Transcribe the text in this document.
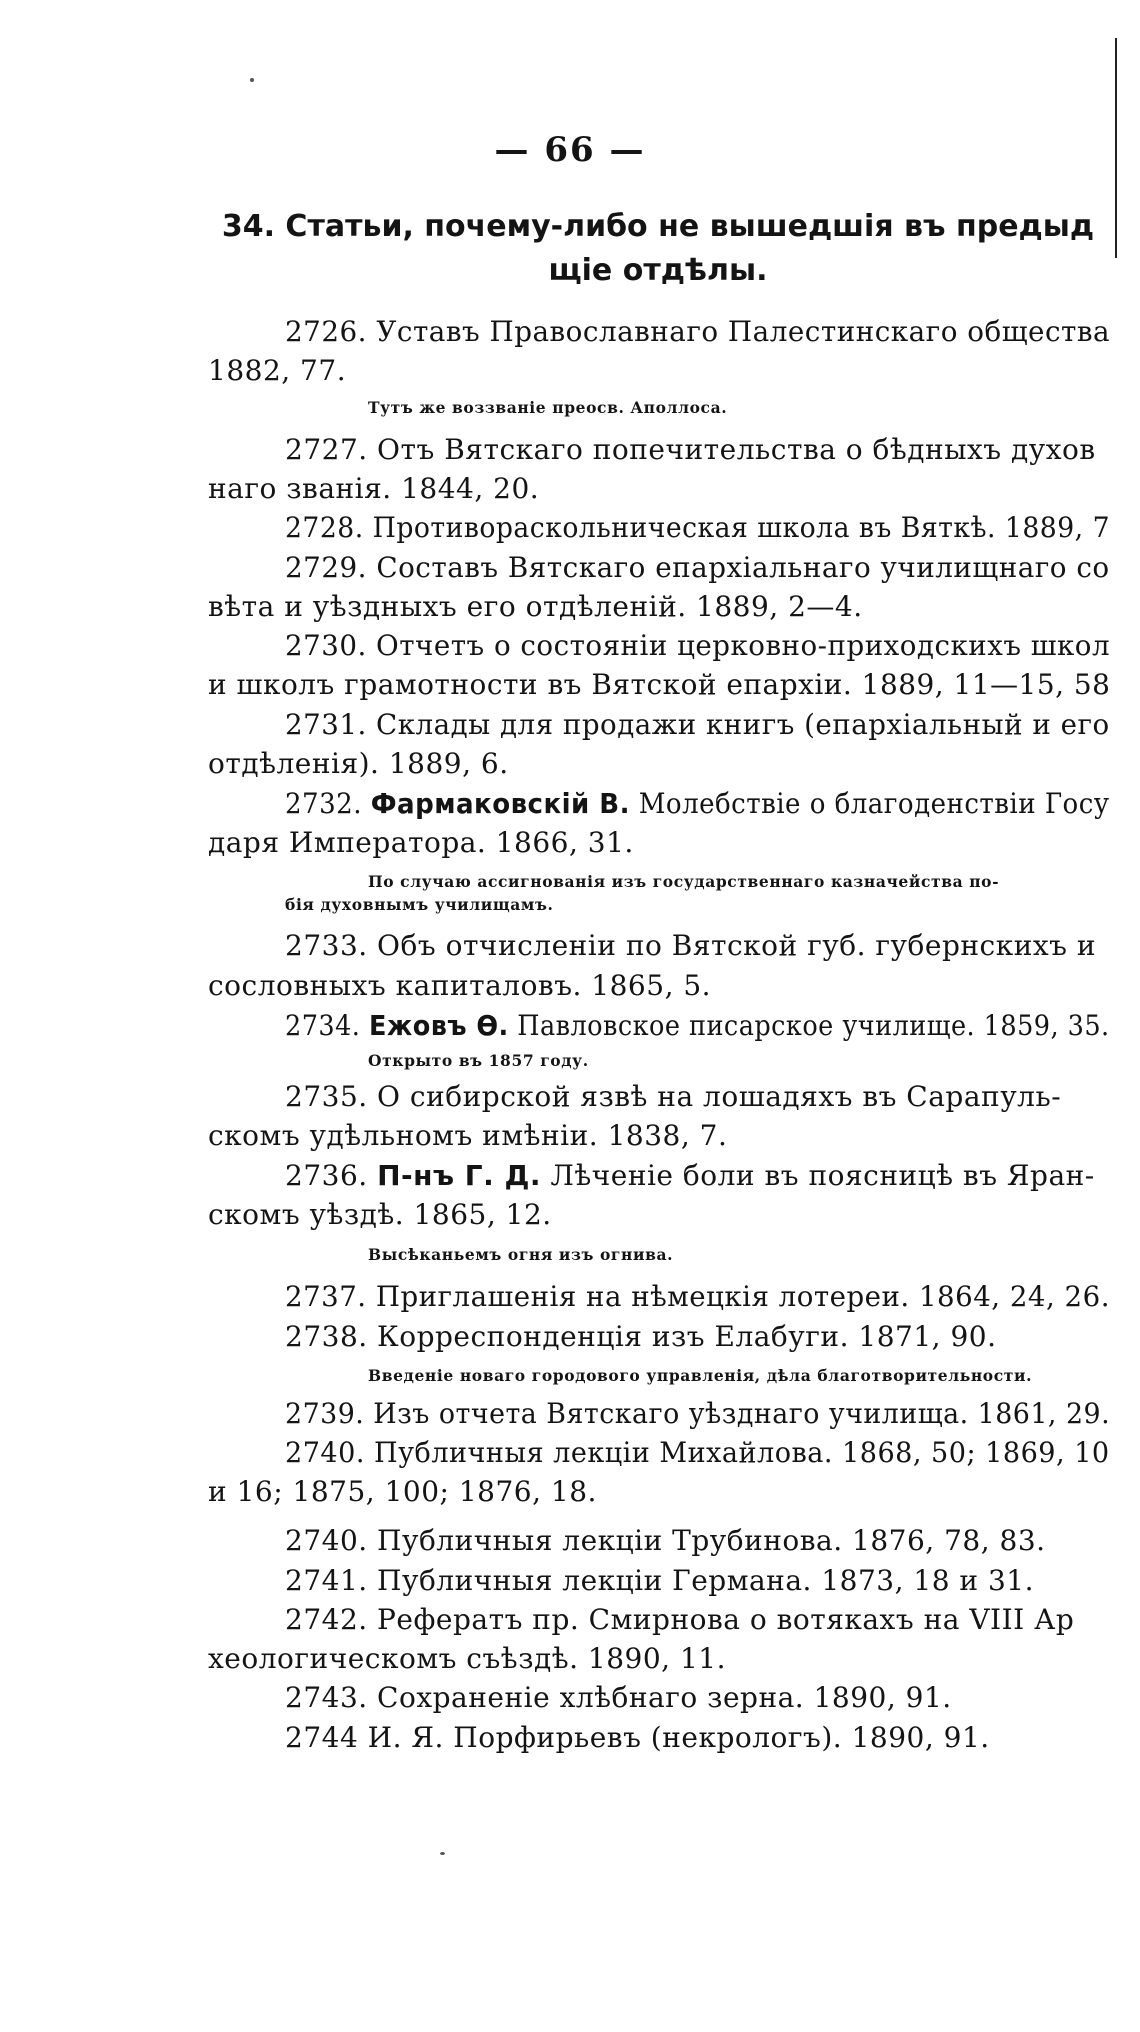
— 66 —
34. Статьи, почему-либо не вышедшія въ предыд
щіе отдѣлы.
2726. Уставъ Православнаго Палестинскаго общества
1882, 77.
Тутъ же воззваніе преосв. Аполлоса.
2727. Отъ Вятскаго попечительства о бѣдныхъ духов
наго званія. 1844, 20.
2728. Противораскольническая школа въ Вяткѣ. 1889, 7
2729. Составъ Вятскаго епархіальнаго училищнаго со
вѣта и уѣздныхъ его отдѣленій. 1889, 2—4.
2730. Отчетъ о состояніи церковно-приходскихъ школ
и школъ грамотности въ Вятской епархіи. 1889, 11—15, 58
2731. Склады для продажи книгъ (епархіальный и его
отдѣленія). 1889, 6.
2732. Фармаковскій В. Молебствіе о благоденствіи Госу
даря Императора. 1866, 31.
По случаю ассигнованія изъ государственнаго казначейства по-
бія духовнымъ училищамъ.
2733. Объ отчисленіи по Вятской губ. губернскихъ и
сословныхъ капиталовъ. 1865, 5.
2734. Ежовъ Ѳ. Павловское писарское училище. 1859, 35.
Открыто въ 1857 году.
2735. О сибирской язвѣ на лошадяхъ въ Сарапуль-
скомъ удѣльномъ имѣніи. 1838, 7.
2736. П-нъ Г. Д. Лѣченіе боли въ поясницѣ въ Яран-
скомъ уѣздѣ. 1865, 12.
Высѣканьемъ огня изъ огнива.
2737. Приглашенія на нѣмецкія лотереи. 1864, 24, 26.
2738. Корреспонденція изъ Елабуги. 1871, 90.
Введеніе новаго городового управленія, дѣла благотворительности.
2739. Изъ отчета Вятскаго уѣзднаго училища. 1861, 29.
2740. Публичныя лекціи Михайлова. 1868, 50; 1869, 10
и 16; 1875, 100; 1876, 18.
2740. Публичныя лекціи Трубинова. 1876, 78, 83.
2741. Публичныя лекціи Германа. 1873, 18 и 31.
2742. Рефератъ пр. Смирнова о вотякахъ на VIII Ар
хеологическомъ съѣздѣ. 1890, 11.
2743. Сохраненіе хлѣбнаго зерна. 1890, 91.
2744 И. Я. Порфирьевъ (некрологъ). 1890, 91.
